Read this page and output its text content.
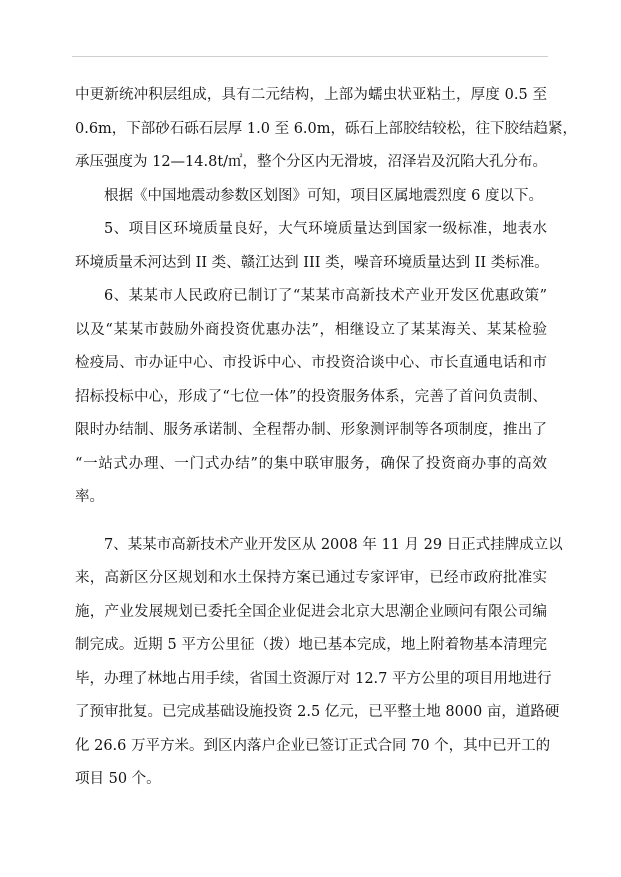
中更新统冲积层组成，具有二元结构，上部为蠕虫状亚粘土，厚度 0.5 至
0.6m，下部砂石砾石层厚 1.0 至 6.0m，砾石上部胶结较松，往下胶结趋紧，
承压强度为 12—14.8t/㎡，整个分区内无滑坡，沼泽岩及沉陷大孔分布。
根据《中国地震动参数区划图》可知，项目区属地震烈度 6 度以下。
5、项目区环境质量良好，大气环境质量达到国家一级标准，地表水
环境质量禾河达到 II 类、赣江达到 III 类，噪音环境质量达到 II 类标准。
6、某某市人民政府已制订了“某某市高新技术产业开发区优惠政策”
以及“某某市鼓励外商投资优惠办法”，相继设立了某某海关、某某检验
检疫局、市办证中心、市投诉中心、市投资洽谈中心、市长直通电话和市
招标投标中心，形成了“七位一体”的投资服务体系，完善了首问负责制、
限时办结制、服务承诺制、全程帮办制、形象测评制等各项制度，推出了
“一站式办理、一门式办结”的集中联审服务，确保了投资商办事的高效
率。
7、某某市高新技术产业开发区从 2008 年 11 月 29 日正式挂牌成立以
来，高新区分区规划和水土保持方案已通过专家评审，已经市政府批准实
施，产业发展规划已委托全国企业促进会北京大思潮企业顾问有限公司编
制完成。近期 5 平方公里征（拨）地已基本完成，地上附着物基本清理完
毕，办理了林地占用手续，省国土资源厅对 12.7 平方公里的项目用地进行
了预审批复。已完成基础设施投资 2.5 亿元，已平整土地 8000 亩，道路硬
化 26.6 万平方米。到区内落户企业已签订正式合同 70 个，其中已开工的
项目 50 个。
